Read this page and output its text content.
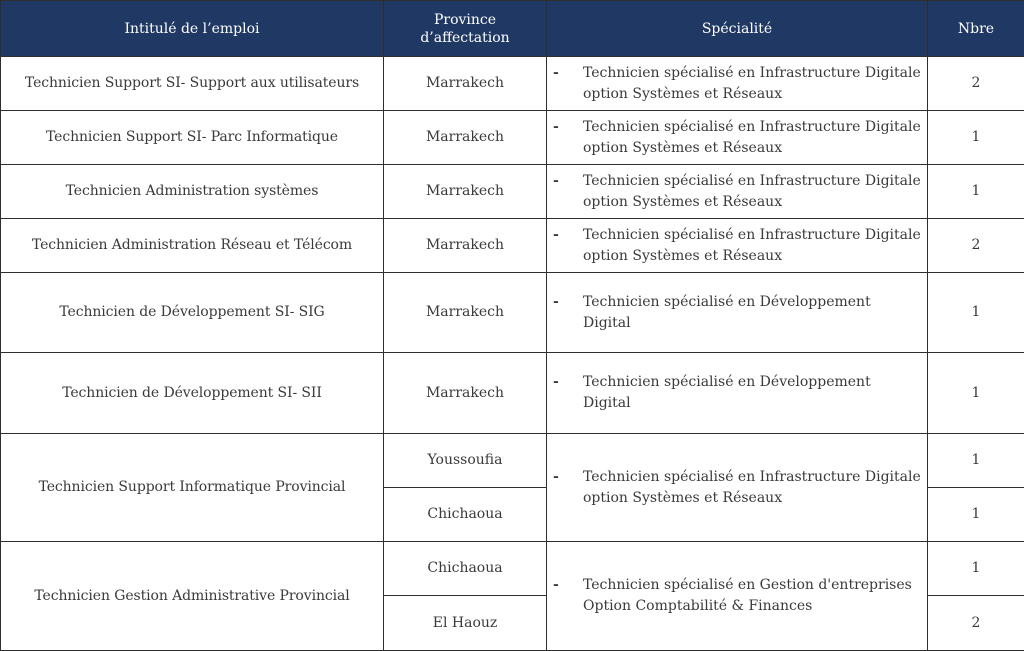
Intitulé de l’emploi	Province d’affectation	Spécialité	Nbre
Technicien Support SI- Support aux utilisateurs	Marrakech	- Technicien spécialisé en Infrastructure Digitale option Systèmes et Réseaux	2
Technicien Support SI- Parc Informatique	Marrakech	- Technicien spécialisé en Infrastructure Digitale option Systèmes et Réseaux	1
Technicien Administration systèmes	Marrakech	- Technicien spécialisé en Infrastructure Digitale option Systèmes et Réseaux	1
Technicien Administration Réseau et Télécom	Marrakech	- Technicien spécialisé en Infrastructure Digitale option Systèmes et Réseaux	2
Technicien de Développement SI- SIG	Marrakech	- Technicien spécialisé en Développement Digital	1
Technicien de Développement SI- SII	Marrakech	- Technicien spécialisé en Développement Digital	1
Technicien Support Informatique Provincial	Youssoufia	- Technicien spécialisé en Infrastructure Digitale option Systèmes et Réseaux	1
	Chichaoua		1
Technicien Gestion Administrative Provincial	Chichaoua	- Technicien spécialisé en Gestion d'entreprises Option Comptabilité & Finances	1
	El Haouz		2
